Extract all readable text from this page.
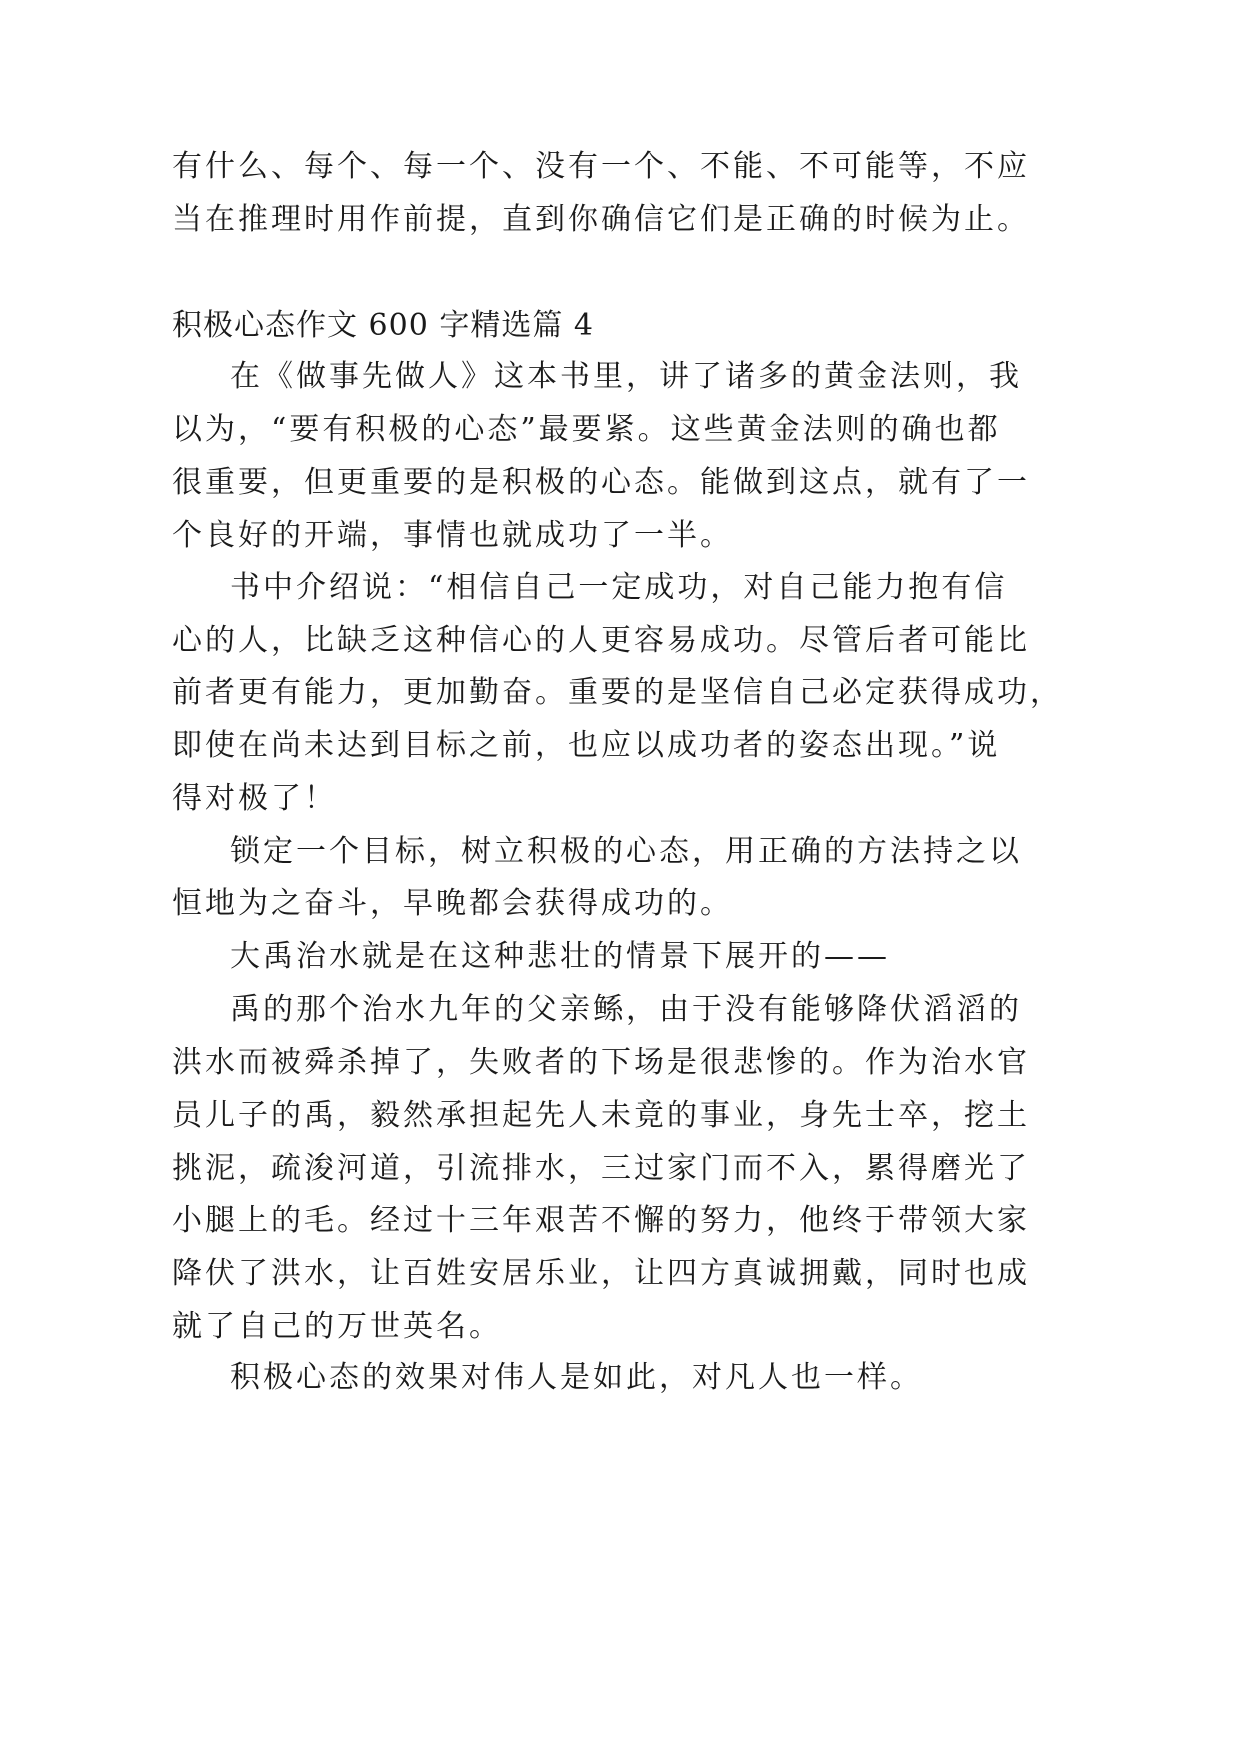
有什么、每个、每一个、没有一个、不能、不可能等，不应
当在推理时用作前提，直到你确信它们是正确的时候为止。
积极心态作文 600 字精选篇 4
在《做事先做人》这本书里，讲了诸多的黄金法则，我
以为，“要有积极的心态”最要紧。这些黄金法则的确也都
很重要，但更重要的是积极的心态。能做到这点，就有了一
个良好的开端，事情也就成功了一半。
书中介绍说：“相信自己一定成功，对自己能力抱有信
心的人，比缺乏这种信心的人更容易成功。尽管后者可能比
前者更有能力，更加勤奋。重要的是坚信自己必定获得成功，
即使在尚未达到目标之前，也应以成功者的姿态出现。”说
得对极了！
锁定一个目标，树立积极的心态，用正确的方法持之以
恒地为之奋斗，早晚都会获得成功的。
大禹治水就是在这种悲壮的情景下展开的——
禹的那个治水九年的父亲鲧，由于没有能够降伏滔滔的
洪水而被舜杀掉了，失败者的下场是很悲惨的。作为治水官
员儿子的禹，毅然承担起先人未竟的事业，身先士卒，挖土
挑泥，疏浚河道，引流排水，三过家门而不入，累得磨光了
小腿上的毛。经过十三年艰苦不懈的努力，他终于带领大家
降伏了洪水，让百姓安居乐业，让四方真诚拥戴，同时也成
就了自己的万世英名。
积极心态的效果对伟人是如此，对凡人也一样。
